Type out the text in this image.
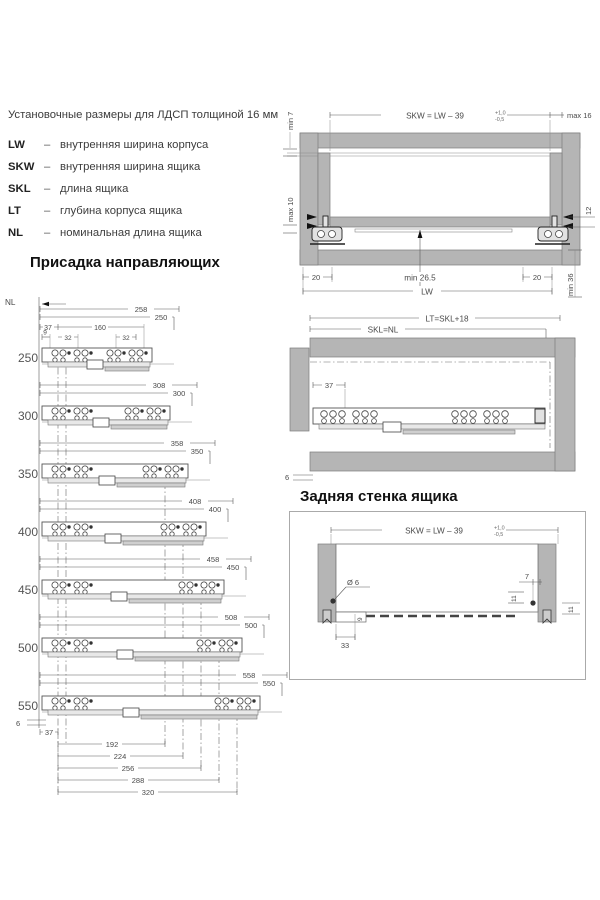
Установочные размеры для ЛДСП толщиной 16 мм
LW – внутренняя ширина корпуса
SKW – внутренняя ширина ящика
SKL – длина ящика
LT – глубина корпуса ящика
NL – номинальная длина ящика
Присадка направляющих
NL
258
250
37	160
9
32	32
250
308
300
300
358
350
350
408
400
400
458
450
450
508
500
500
558
550
550
6
37
192
224
256
288
320
SKW = LW – 39	+1,0
-0,5	max 16
min 7
max 10	12
20	min 26.5	20
LW	min 36
LT=SKL+18
SKL=NL
37
6
Задняя стенка ящика
SKW = LW – 39	+1,0
-0,5
Ø 6
7
11
11
9
33
